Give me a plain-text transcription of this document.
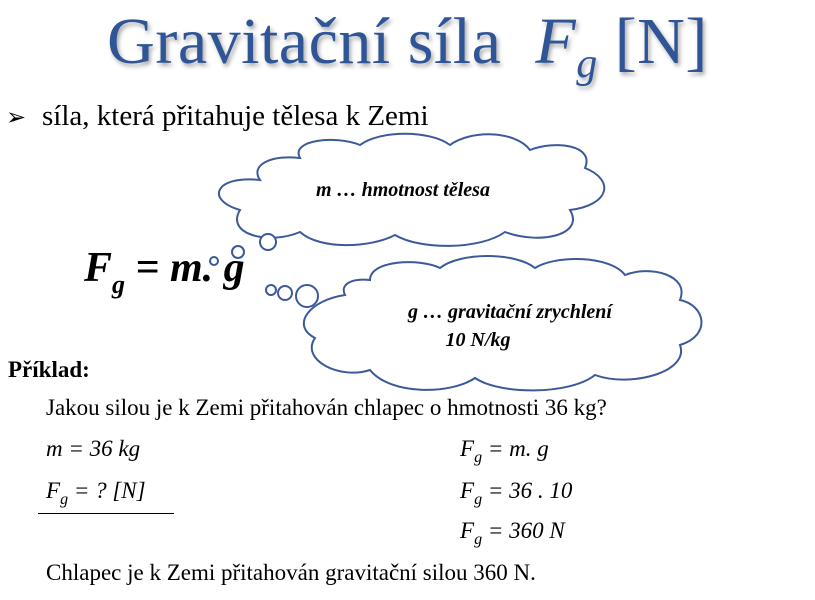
Gravitační síla $F_g$ [N]
➢ síla, která přitahuje tělesa k Zemi
m … hmotnost tělesa
g … gravitační zrychlení
10 N/kg
$F_g = m$. g
Příklad:
Jakou silou je k Zemi přitahován chlapec o hmotnosti 36 kg?
m = 36 kg
$F_g$ = ? [N]
$F_g = m$. g
$F_g = 36$ . 10
$F_g = 360$ N
Chlapec je k Zemi přitahován gravitační silou 360 N.
